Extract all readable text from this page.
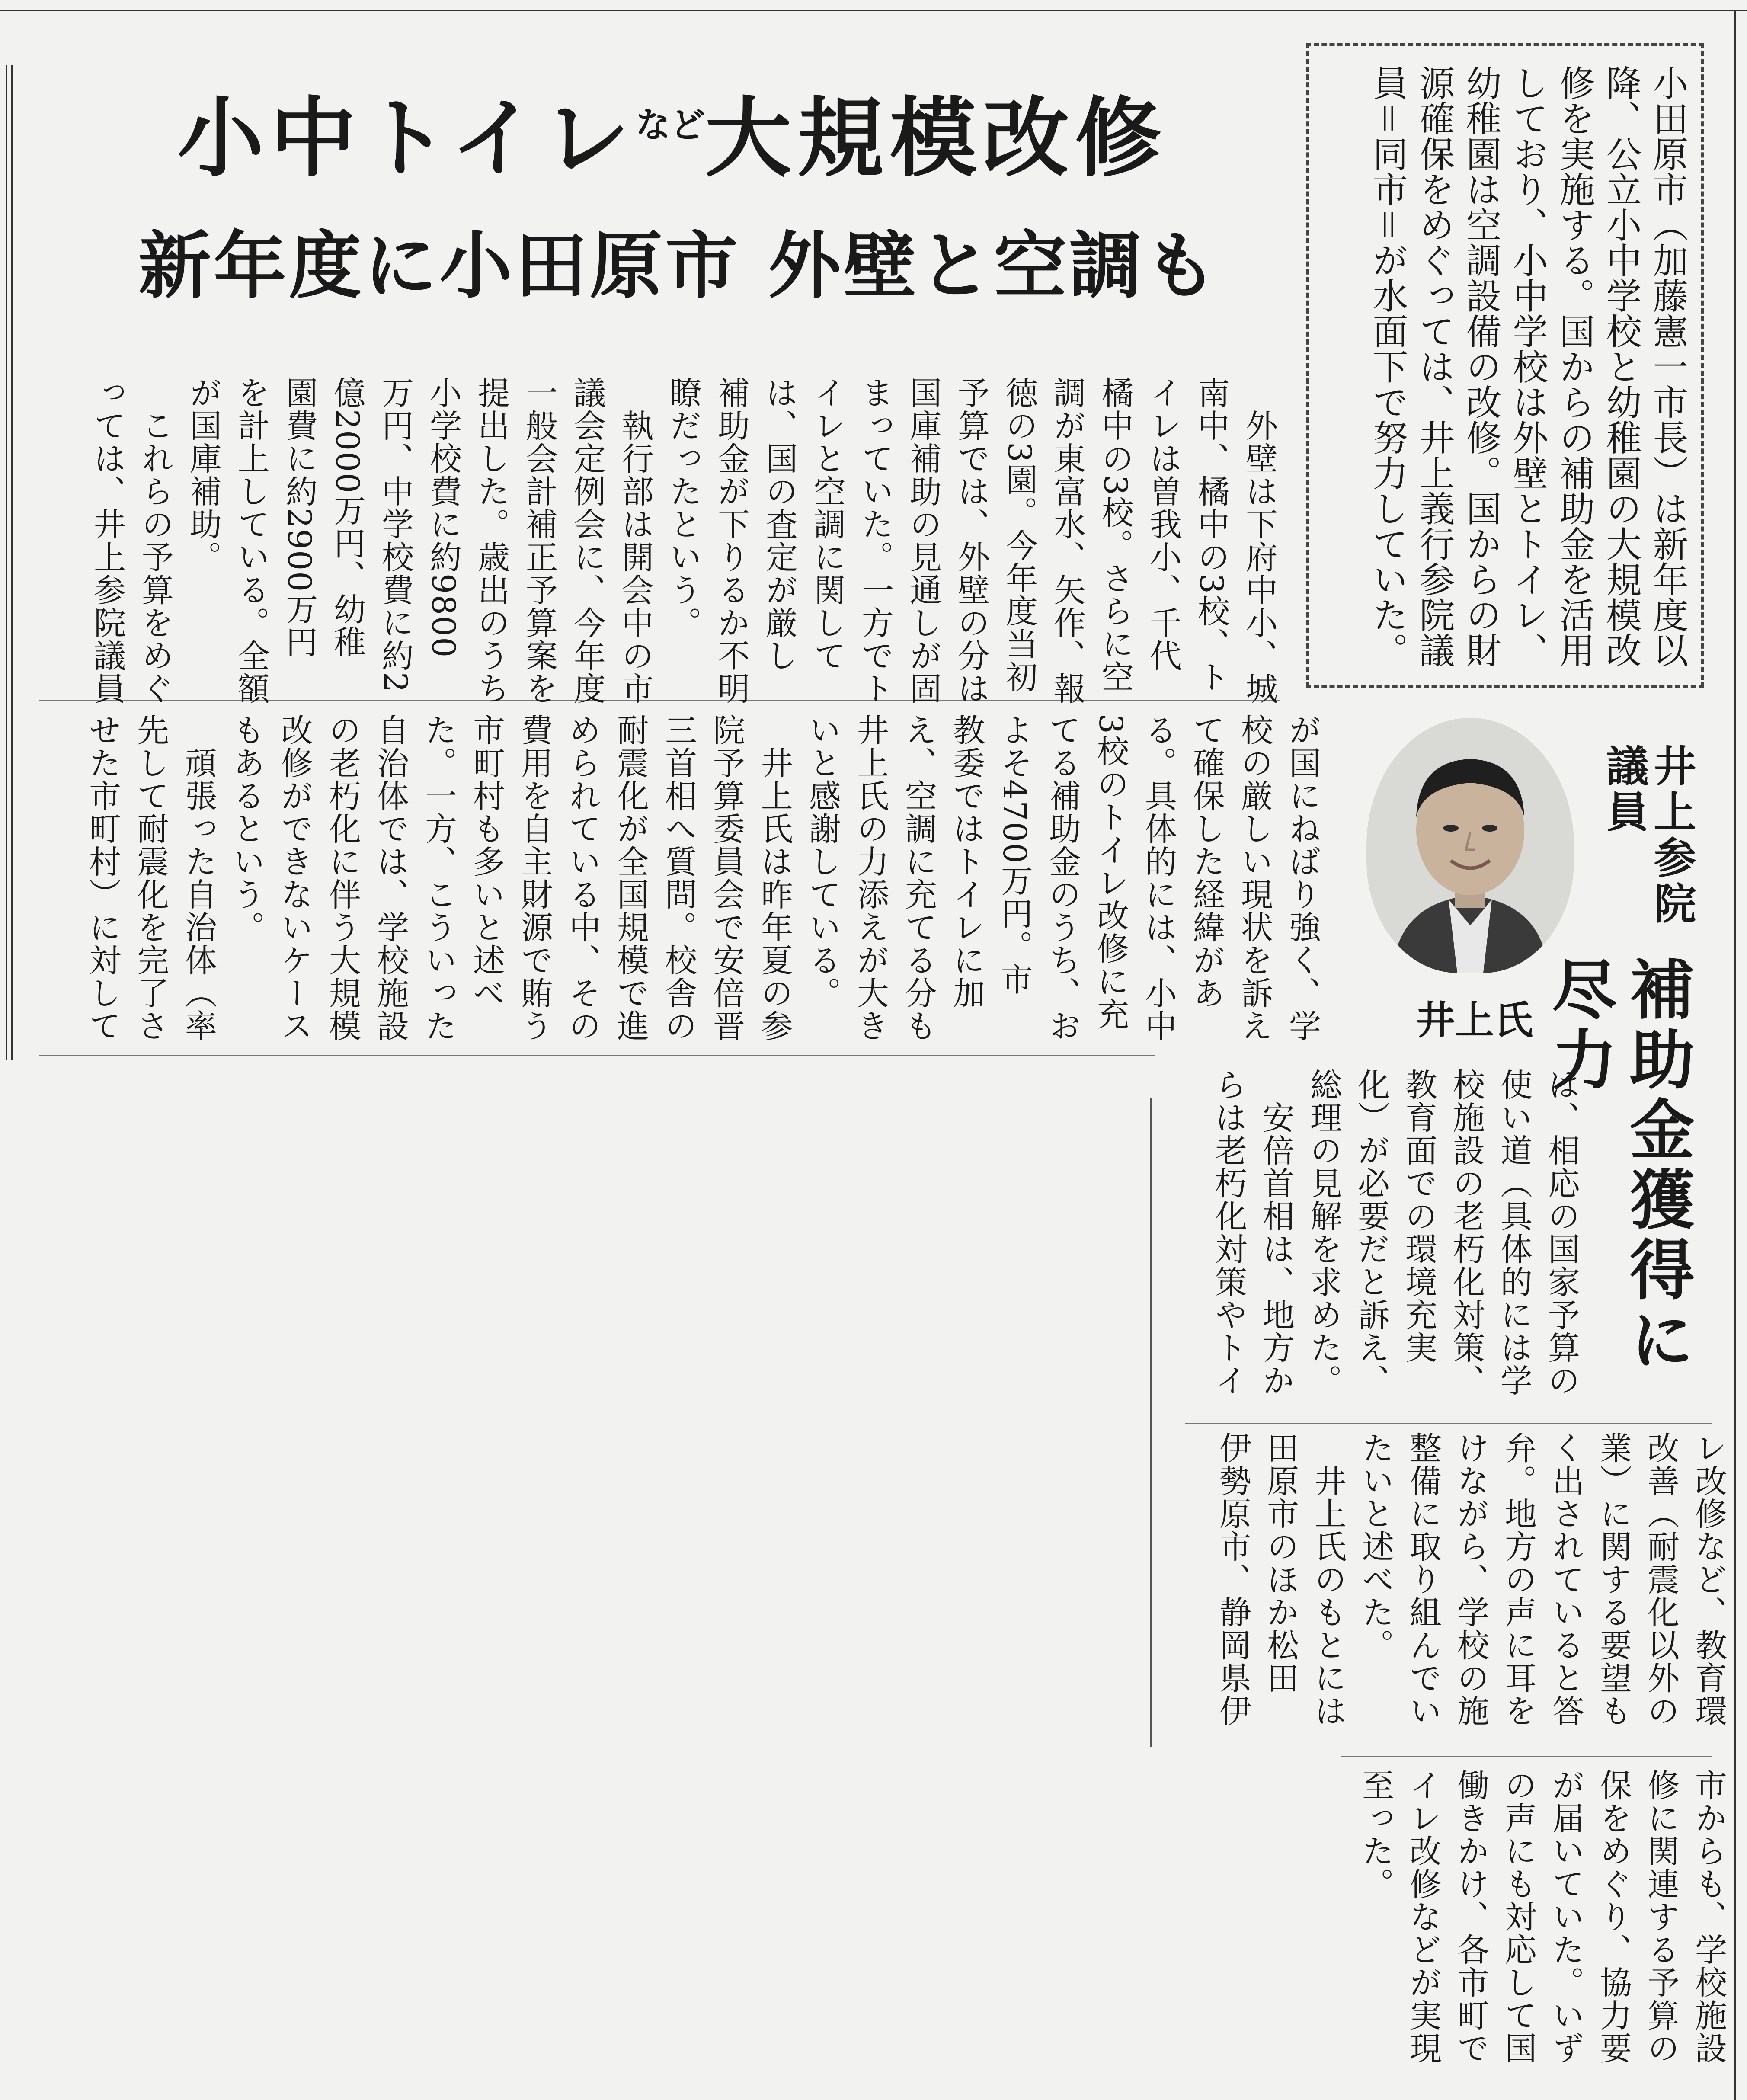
小中トイレ$^{など}$大規模改修
新年度に小田原市 外壁と空調も	小田原市（加藤憲一市長）は新年度以降、公立小中学校と幼稚園の大規模改修を実施する。国からの補助金を活用しており、小中学校は外壁とトイレ、幼稚園は空調設備の改修。国からの財源確保をめぐっては、井上義行参院議員＝同市＝が水面下で努力していた。
　外壁は下府中小、城
南中、橘中の3校、ト
イレは曽我小、千代
橘中の3校。さらに空
調が東富水、矢作、報
徳の3園。今年度当初
予算では、外壁の分は
国庫補助の見通しが固
まっていた。一方でト
イレと空調に関して
は、国の査定が厳し
補助金が下りるか不明
瞭だったという。
　執行部は開会中の市
議会定例会に、今年度
一般会計補正予算案を
提出した。歳出のうち
小学校費に約9800
万円、中学校費に約2
億2000万円、幼稚
園費に約2900万円
を計上している。全額
が国庫補助。
　これらの予算をめぐ
っては、井上参院議員
が国にねばり強く、学
校の厳しい現状を訴え
て確保した経緯があ
る。具体的には、小中
3校のトイレ改修に充
てる補助金のうち、お
よそ4700万円。市
教委ではトイレに加
え、空調に充てる分も
井上氏の力添えが大き
いと感謝している。
　井上氏は昨年夏の参
院予算委員会で安倍晋
三首相へ質問。校舎の
耐震化が全国規模で進
められている中、その
費用を自主財源で賄う
市町村も多いと述べ
た。一方、こういった
自治体では、学校施設
の老朽化に伴う大規模
改修ができないケース
もあるという。
　頑張った自治体（率
先して耐震化を完了さ
せた市町村）に対して	井上参院議員
補助金獲得に尽力
井上氏
は、相応の国家予算の
使い道（具体的には学
校施設の老朽化対策、
教育面での環境充実
化）が必要だと訴え、
総理の見解を求めた。
　安倍首相は、地方か
らは老朽化対策やトイ
レ改修など、教育環
改善（耐震化以外の
業）に関する要望も
く出されていると答
弁。地方の声に耳を
けながら、学校の施
整備に取り組んでい
たいと述べた。
　井上氏のもとには
田原市のほか松田
伊勢原市、静岡県伊
市からも、学校施設
修に関連する予算の
保をめぐり、協力要
が届いていた。いず
の声にも対応して国
働きかけ、各市町で
イレ改修などが実現
至った。
